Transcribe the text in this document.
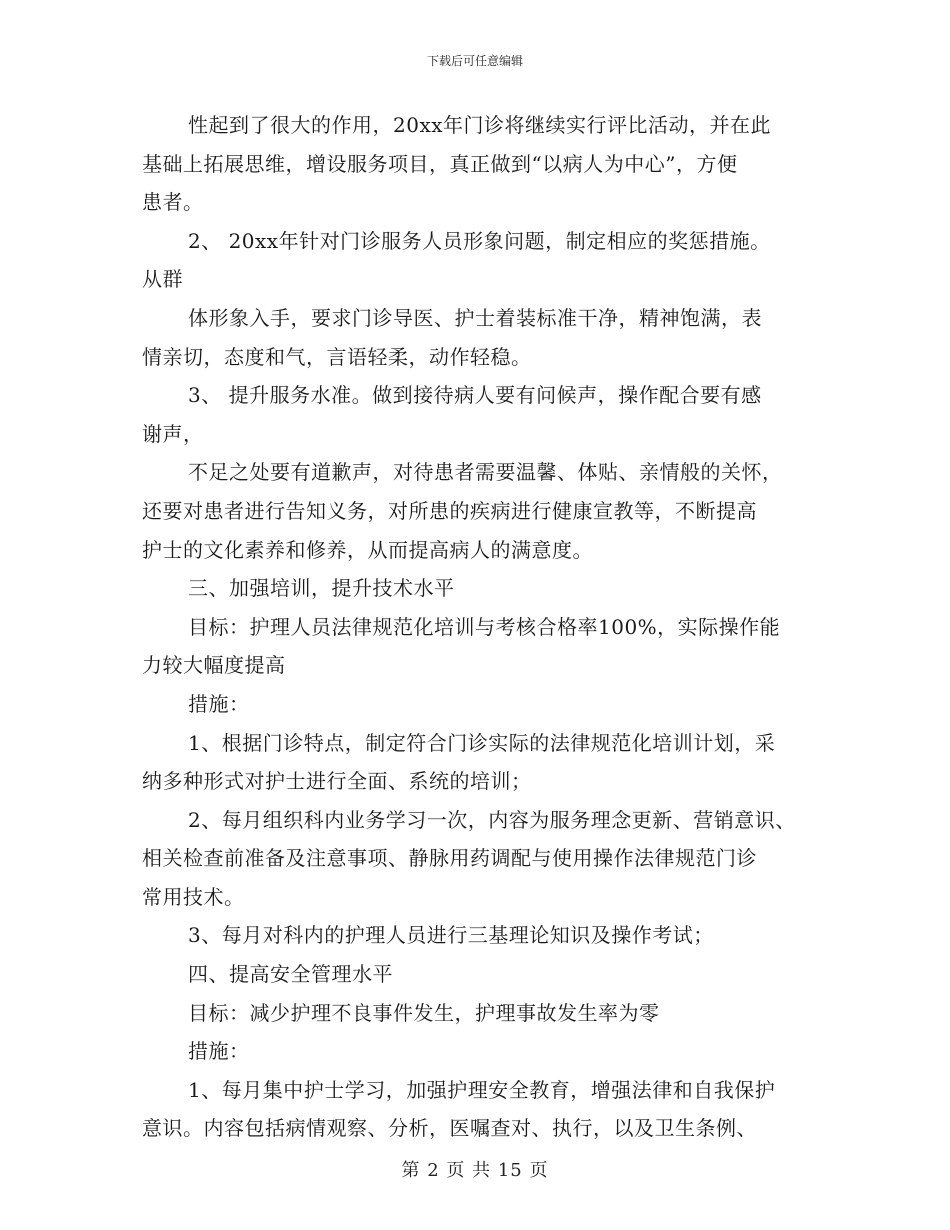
下载后可任意编辑
性起到了很大的作用，20xx年门诊将继续实行评比活动，并在此
基础上拓展思维，增设服务项目，真正做到“以病人为中心”，方便
患者。
2、 20xx年针对门诊服务人员形象问题，制定相应的奖惩措施。
从群
体形象入手，要求门诊导医、护士着装标准干净，精神饱满，表
情亲切，态度和气，言语轻柔，动作轻稳。
3、 提升服务水准。做到接待病人要有问候声，操作配合要有感
谢声，
不足之处要有道歉声，对待患者需要温馨、体贴、亲情般的关怀，
还要对患者进行告知义务，对所患的疾病进行健康宣教等，不断提高
护士的文化素养和修养，从而提高病人的满意度。
三、加强培训，提升技术水平
目标：护理人员法律规范化培训与考核合格率100%，实际操作能
力较大幅度提高
措施：
1、根据门诊特点，制定符合门诊实际的法律规范化培训计划，采
纳多种形式对护士进行全面、系统的培训；
2、每月组织科内业务学习一次，内容为服务理念更新、营销意识、
相关检查前准备及注意事项、静脉用药调配与使用操作法律规范门诊
常用技术。
3、每月对科内的护理人员进行三基理论知识及操作考试；
四、提高安全管理水平
目标：减少护理不良事件发生，护理事故发生率为零
措施：
1、每月集中护士学习，加强护理安全教育，增强法律和自我保护
意识。内容包括病情观察、分析，医嘱查对、执行，以及卫生条例、
第 2 页 共 15 页
